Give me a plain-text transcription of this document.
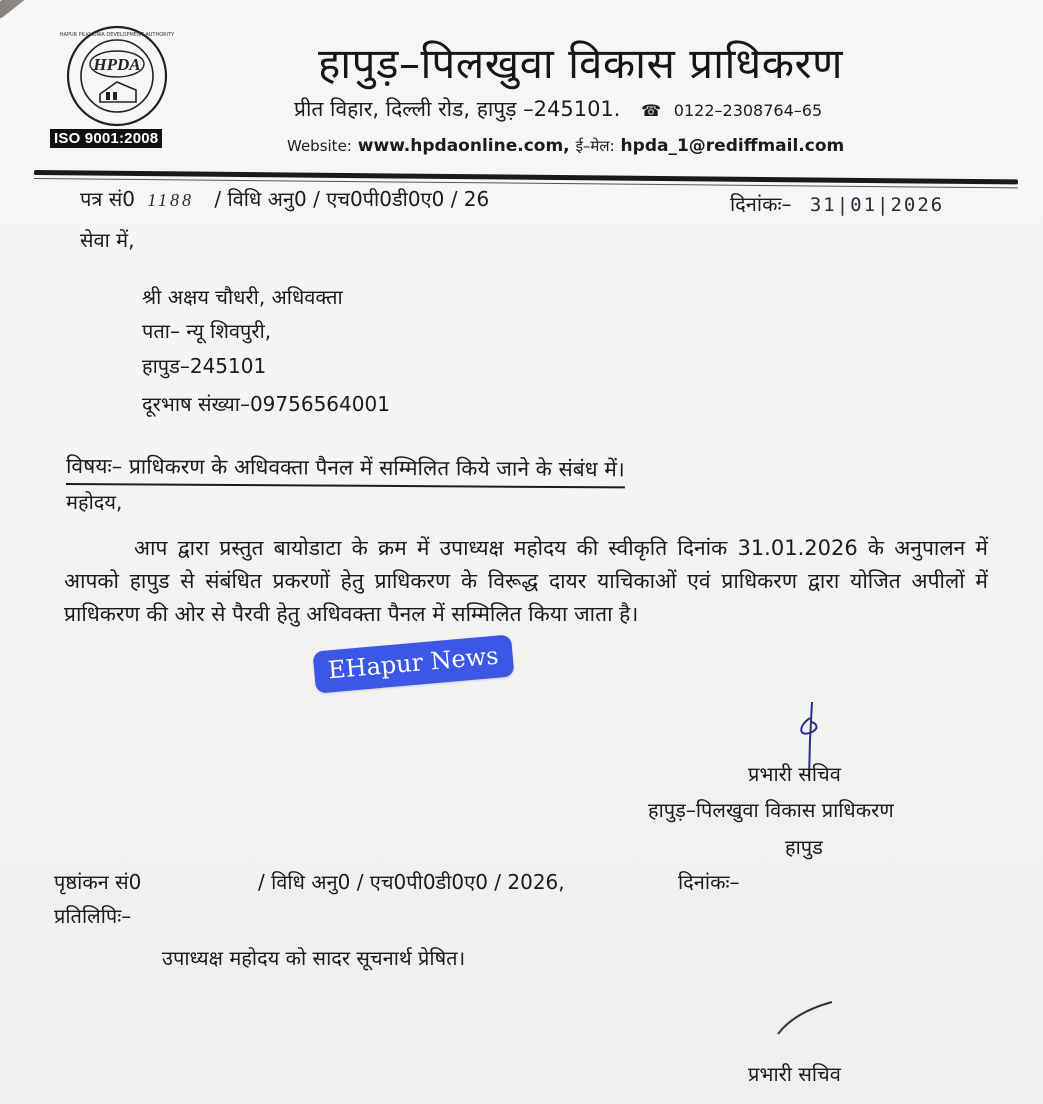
HPDA
HAPUR PILKHUWA DEVELOPMENT AUTHORITY
ISO 9001:2008
हापुड़–पिलखुवा विकास प्राधिकरण
प्रीत विहार, दिल्ली रोड, हापुड़ –245101. ☎ 0122–2308764–65
Website: www.hpdaonline.com, ई–मेल: hpda_1@rediffmail.com
पत्र सं0 1188 / विधि अनु0 / एच0पी0डी0ए0 / 26	दिनांकः– 31|01|2026
सेवा में,
श्री अक्षय चौधरी, अधिवक्ता
पता– न्यू शिवपुरी,
हापुड–245101
दूरभाष संख्या–09756564001
विषयः– प्राधिकरण के अधिवक्ता पैनल में सम्मिलित किये जाने के संबंध में।
महोदय,
आप द्वारा प्रस्तुत बायोडाटा के क्रम में उपाध्यक्ष महोदय की स्वीकृति दिनांक 31.01.2026 के अनुपालन में आपको हापुड से संबंधित प्रकरणों हेतु प्राधिकरण के विरूद्ध दायर याचिकाओं एवं प्राधिकरण द्वारा योजित अपीलों में प्राधिकरण की ओर से पैरवी हेतु अधिवक्ता पैनल में सम्मिलित किया जाता है।
EHapur News
प्रभारी सचिव
हापुड़–पिलखुवा विकास प्राधिकरण
हापुड
पृष्ठांकन सं0	/ विधि अनु0 / एच0पी0डी0ए0 / 2026,	दिनांकः–
प्रतिलिपिः–
उपाध्यक्ष महोदय को सादर सूचनार्थ प्रेषित।
प्रभारी सचिव
